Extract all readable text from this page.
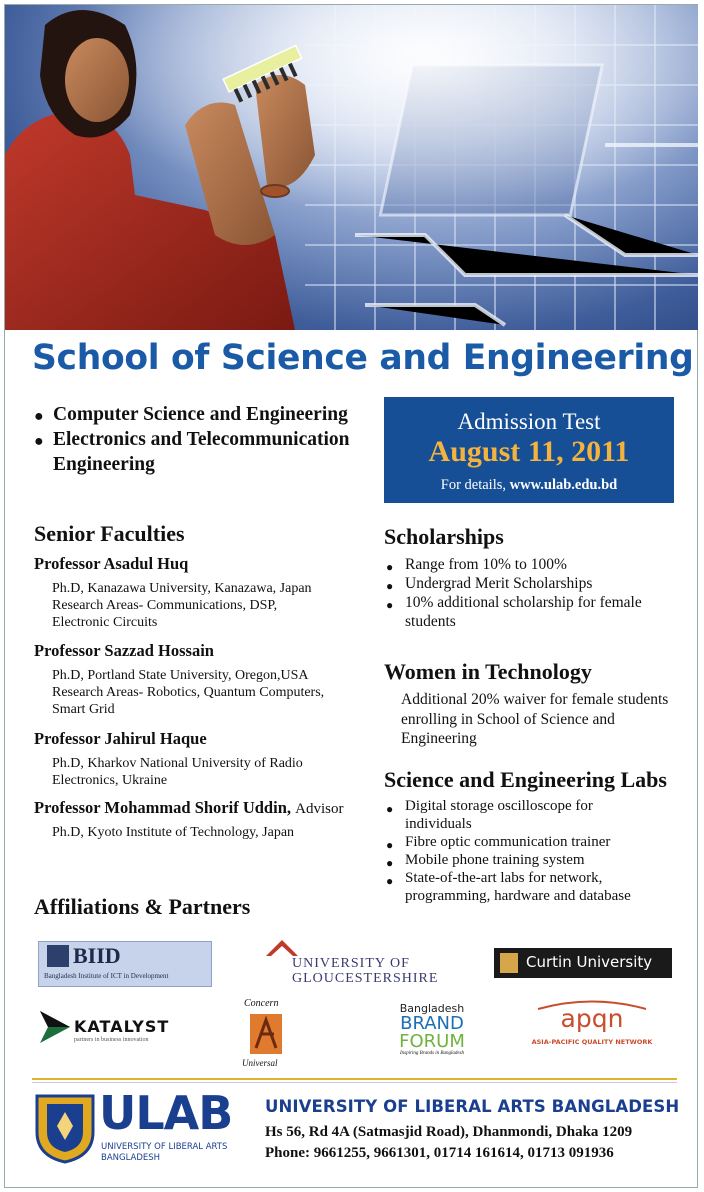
School of Science and Engineering
● Computer Science and Engineering
● Electronics and Telecommunication Engineering
Admission Test
August 11, 2011
For details, www.ulab.edu.bd
Senior Faculties
Professor Asadul Huq
Ph.D, Kanazawa University, Kanazawa, Japan
Research Areas- Communications, DSP,
Electronic Circuits
Professor Sazzad Hossain
Ph.D, Portland State University, Oregon,USA
Research Areas- Robotics, Quantum Computers,
Smart Grid
Professor Jahirul Haque
Ph.D, Kharkov National University of Radio
Electronics, Ukraine
Professor Mohammad Shorif Uddin, Advisor
Ph.D, Kyoto Institute of Technology, Japan
Scholarships
● Range from 10% to 100%
● Undergrad Merit Scholarships
● 10% additional scholarship for female students
Women in Technology
Additional 20% waiver for female students enrolling in School of Science and Engineering
Science and Engineering Labs
● Digital storage oscilloscope for individuals
● Fibre optic communication trainer
● Mobile phone training system
● State-of-the-art labs for network, programming, hardware and database
Affiliations & Partners
BIID
Bangladesh Institute of ICT in Development
UNIVERSITY OF
GLOUCESTERSHIRE
Curtin University
KATALYST
partners in business innovation
Concern
Universal
Bangladesh
BRAND
FORUM
Inspiring Brands in Bangladesh
apqn
ASIA-PACIFIC QUALITY NETWORK
ULAB
UNIVERSITY OF LIBERAL ARTS
BANGLADESH
UNIVERSITY OF LIBERAL ARTS BANGLADESH
Hs 56, Rd 4A (Satmasjid Road), Dhanmondi, Dhaka 1209
Phone: 9661255, 9661301, 01714 161614, 01713 091936
